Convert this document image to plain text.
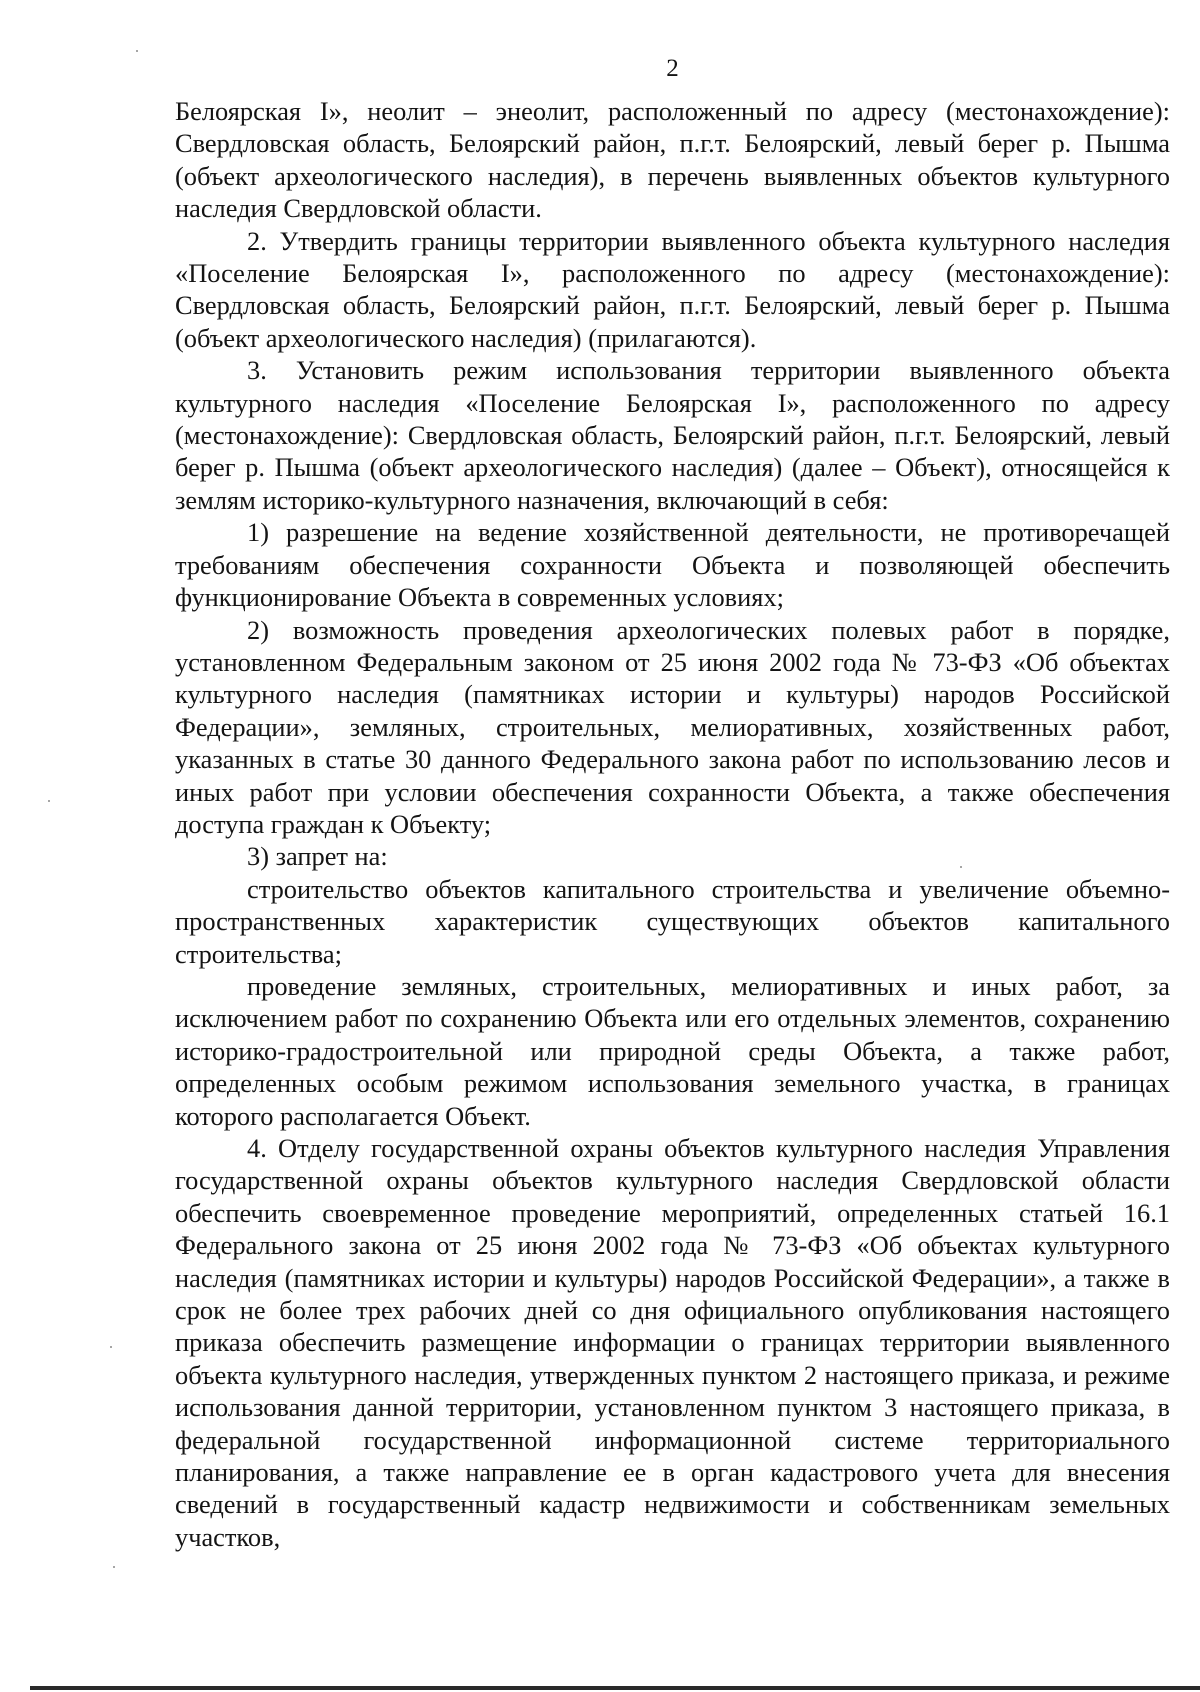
2

Белоярская I», неолит – энеолит, расположенный по адресу (местонахождение): Свердловская область, Белоярский район, п.г.т. Белоярский, левый берег р. Пышма (объект археологического наследия), в перечень выявленных объектов культурного наследия Свердловской области.

2. Утвердить границы территории выявленного объекта культурного наследия «Поселение Белоярская I», расположенного по адресу (местонахождение): Свердловская область, Белоярский район, п.г.т. Белоярский, левый берег р. Пышма (объект археологического наследия) (прилагаются).

3. Установить режим использования территории выявленного объекта культурного наследия «Поселение Белоярская I», расположенного по адресу (местонахождение): Свердловская область, Белоярский район, п.г.т. Белоярский, левый берег р. Пышма (объект археологического наследия) (далее – Объект), относящейся к землям историко-культурного назначения, включающий в себя:

1) разрешение на ведение хозяйственной деятельности, не противоречащей требованиям обеспечения сохранности Объекта и позволяющей обеспечить функционирование Объекта в современных условиях;

2) возможность проведения археологических полевых работ в порядке, установленном Федеральным законом от 25 июня 2002 года № 73-ФЗ «Об объектах культурного наследия (памятниках истории и культуры) народов Российской Федерации», земляных, строительных, мелиоративных, хозяйственных работ, указанных в статье 30 данного Федерального закона работ по использованию лесов и иных работ при условии обеспечения сохранности Объекта, а также обеспечения доступа граждан к Объекту;

3) запрет на:

строительство объектов капитального строительства и увеличение объемно-пространственных характеристик существующих объектов капитального строительства;

проведение земляных, строительных, мелиоративных и иных работ, за исключением работ по сохранению Объекта или его отдельных элементов, сохранению историко-градостроительной или природной среды Объекта, а также работ, определенных особым режимом использования земельного участка, в границах которого располагается Объект.

4. Отделу государственной охраны объектов культурного наследия Управления государственной охраны объектов культурного наследия Свердловской области обеспечить своевременное проведение мероприятий, определенных статьей 16.1 Федерального закона от 25 июня 2002 года № 73-ФЗ «Об объектах культурного наследия (памятниках истории и культуры) народов Российской Федерации», а также в срок не более трех рабочих дней со дня официального опубликования настоящего приказа обеспечить размещение информации о границах территории выявленного объекта культурного наследия, утвержденных пунктом 2 настоящего приказа, и режиме использования данной территории, установленном пунктом 3 настоящего приказа, в федеральной государственной информационной системе территориального планирования, а также направление ее в орган кадастрового учета для внесения сведений в государственный кадастр недвижимости и собственникам земельных участков,
